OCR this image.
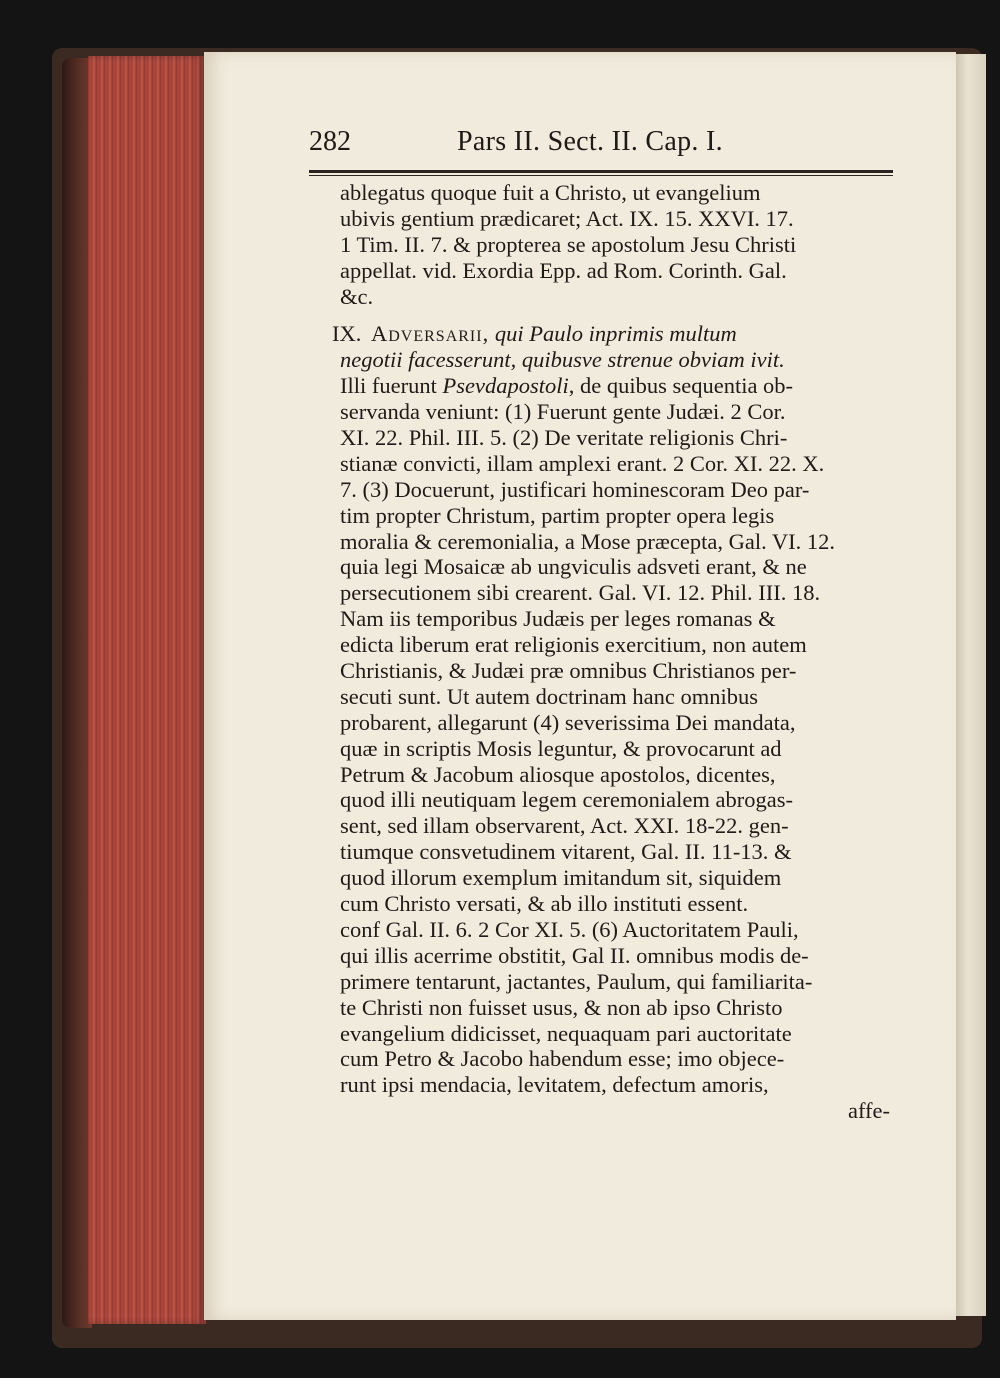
282	Pars II. Sect. II. Cap. I.
ablegatus quoque fuit a Christo, ut evangelium
ubivis gentium prædicaret; Act. IX. 15. XXVI. 17.
1 Tim. II. 7. & propterea se apostolum Jesu Christi
appellat. vid. Exordia Epp. ad Rom. Corinth. Gal.
&c.
IX. Adversarii, qui Paulo inprimis multum
negotii facesserunt, quibusve strenue obviam ivit.
Illi fuerunt Psevdapostoli, de quibus sequentia ob-
servanda veniunt: (1) Fuerunt gente Judæi. 2 Cor.
XI. 22. Phil. III. 5. (2) De veritate religionis Chri-
stianæ convicti, illam amplexi erant. 2 Cor. XI. 22. X.
7. (3) Docuerunt, justificari hominescoram Deo par-
tim propter Christum, partim propter opera legis
moralia & ceremonialia, a Mose præcepta, Gal. VI. 12.
quia legi Mosaicæ ab ungviculis adsveti erant, & ne
persecutionem sibi crearent. Gal. VI. 12. Phil. III. 18.
Nam iis temporibus Judæis per leges romanas &
edicta liberum erat religionis exercitium, non autem
Christianis, & Judæi præ omnibus Christianos per-
secuti sunt. Ut autem doctrinam hanc omnibus
probarent, allegarunt (4) severissima Dei mandata,
quæ in scriptis Mosis leguntur, & provocarunt ad
Petrum & Jacobum aliosque apostolos, dicentes,
quod illi neutiquam legem ceremonialem abrogas-
sent, sed illam observarent, Act. XXI. 18-22. gen-
tiumque consvetudinem vitarent, Gal. II. 11-13. &
quod illorum exemplum imitandum sit, siquidem
cum Christo versati, & ab illo instituti essent.
conf Gal. II. 6. 2 Cor XI. 5. (6) Auctoritatem Pauli,
qui illis acerrime obstitit, Gal II. omnibus modis de-
primere tentarunt, jactantes, Paulum, qui familiarita-
te Christi non fuisset usus, & non ab ipso Christo
evangelium didicisset, nequaquam pari auctoritate
cum Petro & Jacobo habendum esse; imo objece-
runt ipsi mendacia, levitatem, defectum amoris,
affe-
